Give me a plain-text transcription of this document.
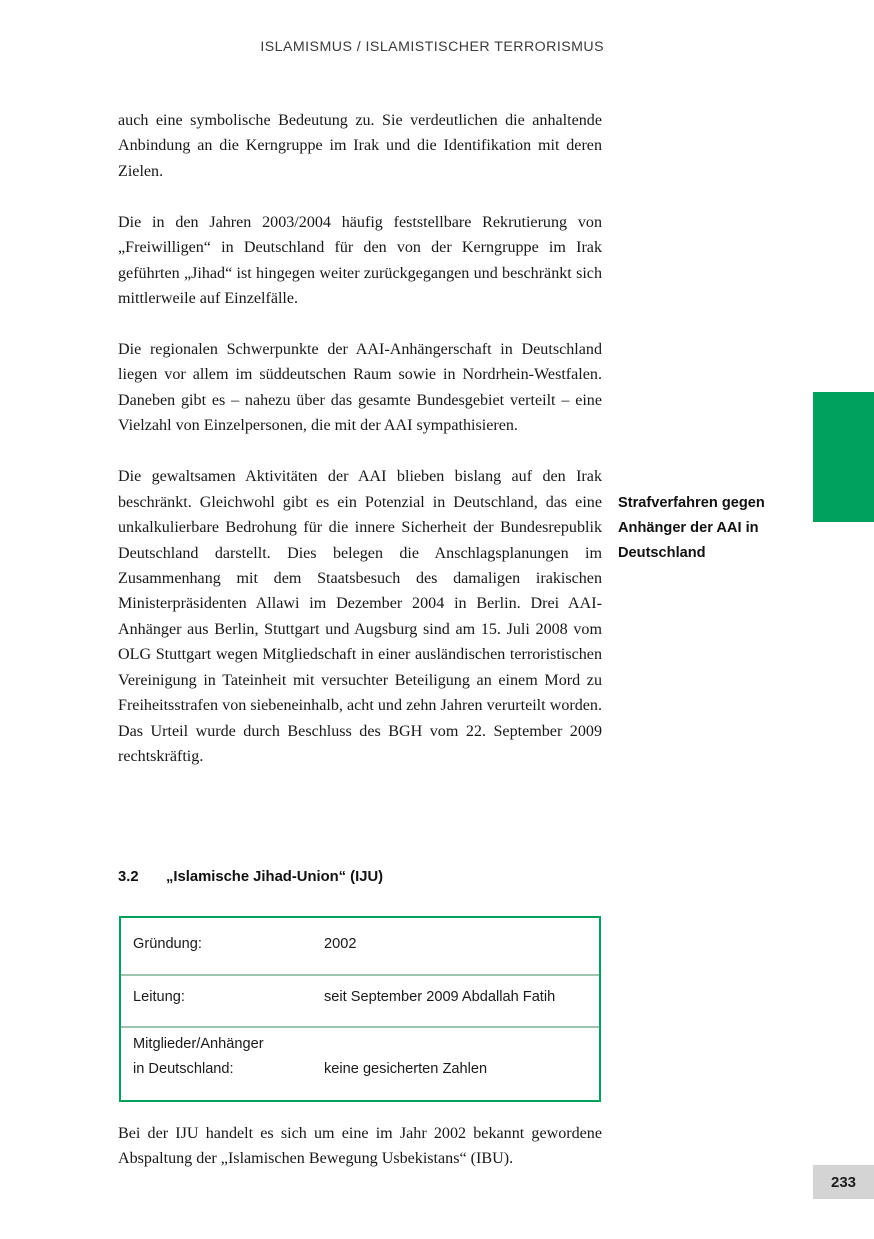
ISLAMISMUS / ISLAMISTISCHER TERRORISMUS

auch eine symbolische Bedeutung zu. Sie verdeutlichen die anhaltende Anbindung an die Kerngruppe im Irak und die Identifikation mit deren Zielen.

Die in den Jahren 2003/2004 häufig feststellbare Rekrutierung von „Freiwilligen“ in Deutschland für den von der Kerngruppe im Irak geführten „Jihad“ ist hingegen weiter zurückgegangen und beschränkt sich mittlerweile auf Einzelfälle.

Die regionalen Schwerpunkte der AAI-Anhängerschaft in Deutschland liegen vor allem im süddeutschen Raum sowie in Nordrhein-Westfalen. Daneben gibt es – nahezu über das gesamte Bundesgebiet verteilt – eine Vielzahl von Einzelpersonen, die mit der AAI sympathisieren.

Die gewaltsamen Aktivitäten der AAI blieben bislang auf den Irak beschränkt. Gleichwohl gibt es ein Potenzial in Deutschland, das eine unkalkulierbare Bedrohung für die innere Sicherheit der Bundesrepublik Deutschland darstellt. Dies belegen die Anschlagsplanungen im Zusammenhang mit dem Staatsbesuch des damaligen irakischen Ministerpräsidenten Allawi im Dezember 2004 in Berlin. Drei AAI-Anhänger aus Berlin, Stuttgart und Augsburg sind am 15. Juli 2008 vom OLG Stuttgart wegen Mitgliedschaft in einer ausländischen terroristischen Vereinigung in Tateinheit mit versuchter Beteiligung an einem Mord zu Freiheitsstrafen von siebeneinhalb, acht und zehn Jahren verurteilt worden. Das Urteil wurde durch Beschluss des BGH vom 22. September 2009 rechtskräftig.

Strafverfahren gegen Anhänger der AAI in Deutschland
3.2 „Islamische Jihad-Union“ (IJU)
Gründung:	2002
Leitung:	seit September 2009 Abdallah Fatih
Mitglieder/Anhänger
in Deutschland:	keine gesicherten Zahlen

Bei der IJU handelt es sich um eine im Jahr 2002 bekannt gewordene Abspaltung der „Islamischen Bewegung Usbekistans“ (IBU).

233
